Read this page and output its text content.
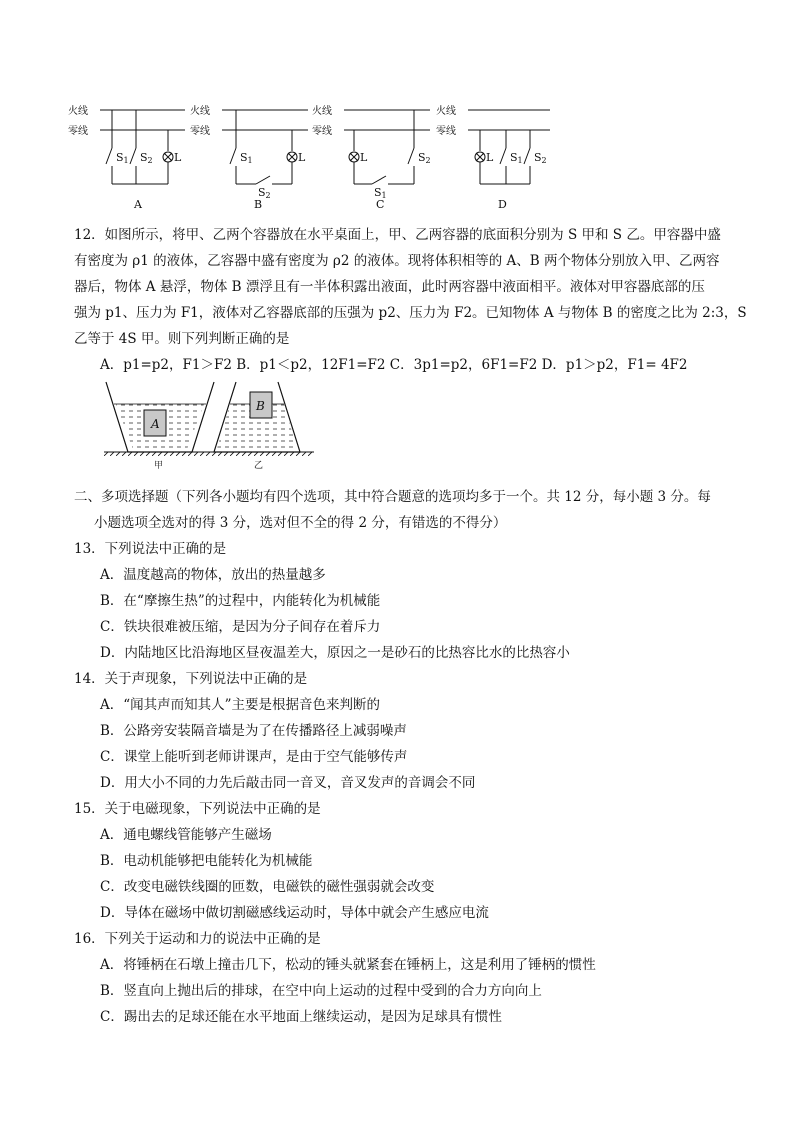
火线
零线
火线
零线
火线
零线
火线
零线
S1 S2 L	S1
S2
L	L
S1
S2	L S1 S2
A	B	C	D
12．如图所示，将甲、乙两个容器放在水平桌面上，甲、乙两容器的底面积分别为 S 甲和 S 乙。甲容器中盛
有密度为 ρ1 的液体，乙容器中盛有密度为 ρ2 的液体。现将体积相等的 A、B 两个物体分别放入甲、乙两容
器后，物体 A 悬浮，物体 B 漂浮且有一半体积露出液面，此时两容器中液面相平。液体对甲容器底部的压
强为 p1、压力为 F1，液体对乙容器底部的压强为 p2、压力为 F2。已知物体 A 与物体 B 的密度之比为 2:3，S
乙等于 4S 甲。则下列判断正确的是
A．p1=p2，F1＞F2 B．p1＜p2，12F1=F2 C．3p1=p2，6F1=F2 D．p1＞p2，F1= 4F2
A
B
甲	乙
二、多项选择题（下列各小题均有四个选项，其中符合题意的选项均多于一个。共 12 分，每小题 3 分。每
小题选项全选对的得 3 分，选对但不全的得 2 分，有错选的不得分）
13．下列说法中正确的是
A．温度越高的物体，放出的热量越多
B．在“摩擦生热”的过程中，内能转化为机械能
C．铁块很难被压缩，是因为分子间存在着斥力
D．内陆地区比沿海地区昼夜温差大，原因之一是砂石的比热容比水的比热容小
14．关于声现象，下列说法中正确的是
A．“闻其声而知其人”主要是根据音色来判断的
B．公路旁安装隔音墙是为了在传播路径上减弱噪声
C．课堂上能听到老师讲课声，是由于空气能够传声
D．用大小不同的力先后敲击同一音叉，音叉发声的音调会不同
15．关于电磁现象，下列说法中正确的是
A．通电螺线管能够产生磁场
B．电动机能够把电能转化为机械能
C．改变电磁铁线圈的匝数，电磁铁的磁性强弱就会改变
D．导体在磁场中做切割磁感线运动时，导体中就会产生感应电流
16．下列关于运动和力的说法中正确的是
A．将锤柄在石墩上撞击几下，松动的锤头就紧套在锤柄上，这是利用了锤柄的惯性
B．竖直向上抛出后的排球，在空中向上运动的过程中受到的合力方向向上
C．踢出去的足球还能在水平地面上继续运动，是因为足球具有惯性
